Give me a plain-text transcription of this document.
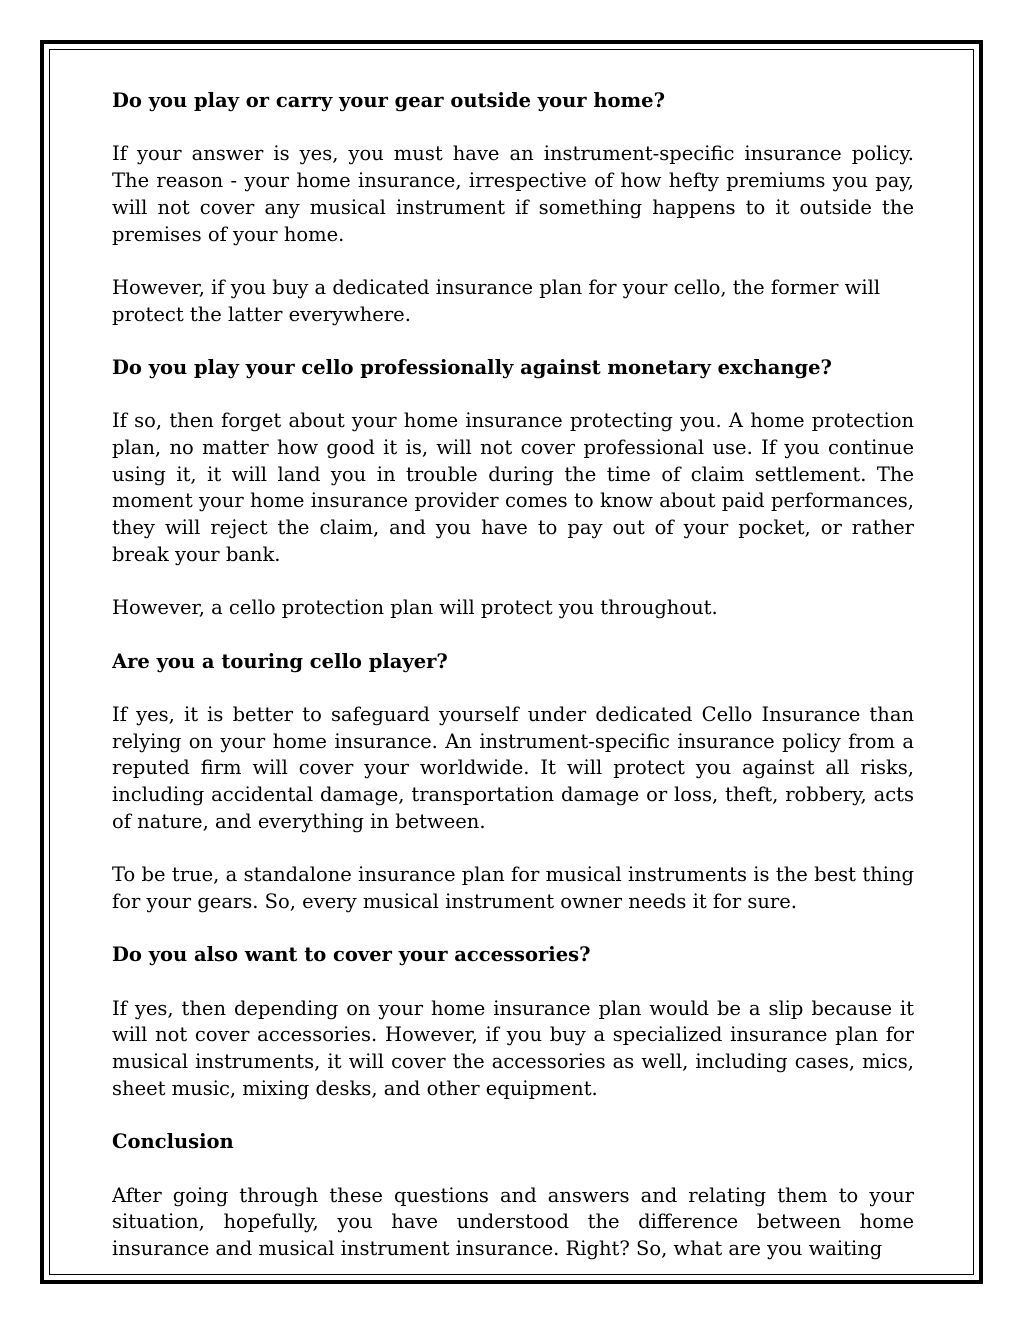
Do you play or carry your gear outside your home?

If your answer is yes, you must have an instrument-specific insurance policy. The reason - your home insurance, irrespective of how hefty premiums you pay, will not cover any musical instrument if something happens to it outside the premises of your home.

However, if you buy a dedicated insurance plan for your cello, the former will protect the latter everywhere.

Do you play your cello professionally against monetary exchange?

If so, then forget about your home insurance protecting you. A home protection plan, no matter how good it is, will not cover professional use. If you continue using it, it will land you in trouble during the time of claim settlement. The moment your home insurance provider comes to know about paid performances, they will reject the claim, and you have to pay out of your pocket, or rather break your bank.

However, a cello protection plan will protect you throughout.

Are you a touring cello player?

If yes, it is better to safeguard yourself under dedicated Cello Insurance than relying on your home insurance. An instrument-specific insurance policy from a reputed firm will cover your worldwide. It will protect you against all risks, including accidental damage, transportation damage or loss, theft, robbery, acts of nature, and everything in between.

To be true, a standalone insurance plan for musical instruments is the best thing for your gears. So, every musical instrument owner needs it for sure.

Do you also want to cover your accessories?

If yes, then depending on your home insurance plan would be a slip because it will not cover accessories. However, if you buy a specialized insurance plan for musical instruments, it will cover the accessories as well, including cases, mics, sheet music, mixing desks, and other equipment.

Conclusion

After going through these questions and answers and relating them to your situation, hopefully, you have understood the difference between home insurance and musical instrument insurance. Right? So, what are you waiting
